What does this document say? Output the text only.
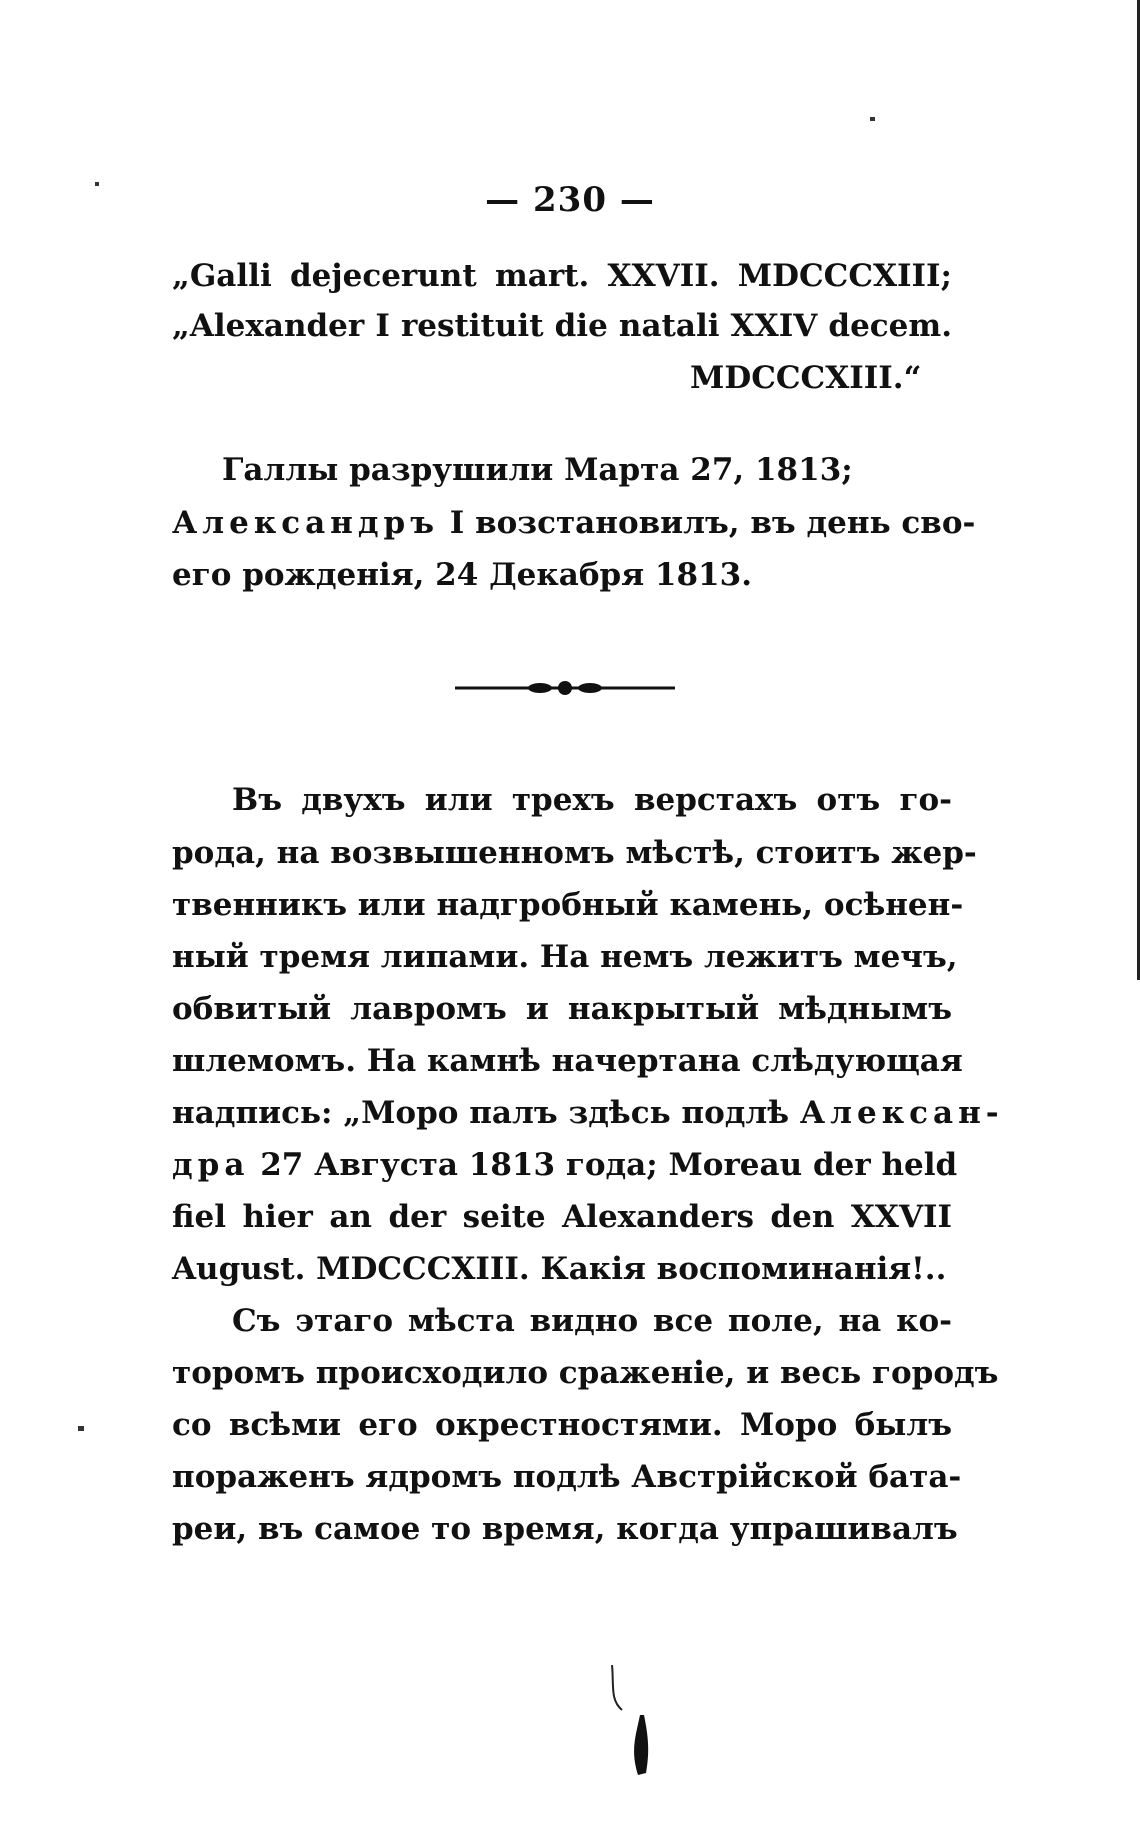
— 230 —
„Galli dejecerunt mart. XXVII. MDCCCXIII;
„Alexander I restituit die natali XXIV decem.
MDCCCXIII.“
Галлы разрушили Марта 27, 1813;
Александръ I возстановилъ, въ день сво-
его рожденія, 24 Декабря 1813.
Въ двухъ или трехъ верстахъ отъ го-
рода, на возвышенномъ мѣстѣ, стоитъ жер-
твенникъ или надгробный камень, осѣнен-
ный тремя липами. На немъ лежитъ мечъ,
обвитый лавромъ и накрытый мѣднымъ
шлемомъ. На камнѣ начертана слѣдующая
надпись: „Моро палъ здѣсь подлѣ Алексан-
дра 27 Августа 1813 года; Moreau der held
fiel hier an der seite Alexanders den XXVII
August. MDCCCXIII. Какія воспоминанія!..
Съ этаго мѣста видно все поле, на ко-
торомъ происходило сраженіе, и весь городъ
со всѣми его окрестностями. Моро былъ
пораженъ ядромъ подлѣ Австрійской бата-
реи, въ самое то время, когда упрашивалъ
